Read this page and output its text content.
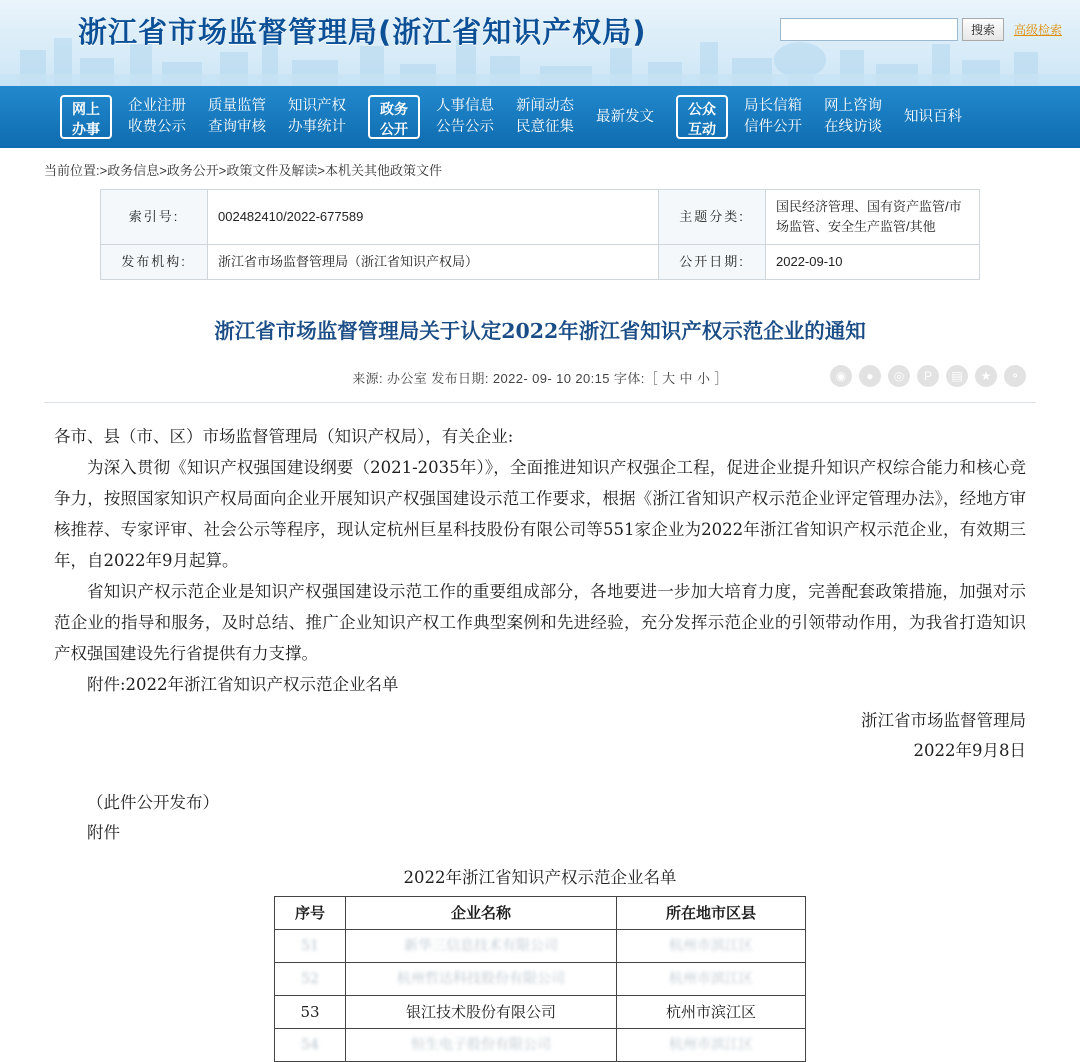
浙江省市场监督管理局(浙江省知识产权局)	搜索	高级检索
网上
办事
企业注册
收费公示
质量监管
查询审核
知识产权
办事统计
政务
公开
人事信息
公告公示
新闻动态
民意征集
最新发文	公众
互动
局长信箱
信件公开
网上咨询
在线访谈
知识百科
当前位置:>政务信息>政务公开>政策文件及解读>本机关其他政策文件
索引号:	002482410/2022-677589	主题分类:	国民经济管理、国有资产监管/市场监管、安全生产监管/其他
发布机构:	浙江省市场监督管理局（浙江省知识产权局）	公开日期:	2022-09-10
浙江省市场监督管理局关于认定2022年浙江省知识产权示范企业的通知
来源: 办公室 发布日期: 2022- 09- 10 20:15 字体:［ 大 中 小 ］	◉	●	◎	P	▤	★	⚬

各市、县（市、区）市场监督管理局（知识产权局），有关企业:

为深入贯彻《知识产权强国建设纲要（2021-2035年）》，全面推进知识产权强企工程，促进企业提升知识产权综合能力和核心竞争力，按照国家知识产权局面向企业开展知识产权强国建设示范工作要求，根据《浙江省知识产权示范企业评定管理办法》，经地方审核推荐、专家评审、社会公示等程序，现认定杭州巨星科技股份有限公司等551家企业为2022年浙江省知识产权示范企业，有效期三年，自2022年9月起算。

省知识产权示范企业是知识产权强国建设示范工作的重要组成部分，各地要进一步加大培育力度，完善配套政策措施，加强对示范企业的指导和服务，及时总结、推广企业知识产权工作典型案例和先进经验，充分发挥示范企业的引领带动作用，为我省打造知识产权强国建设先行省提供有力支撑。

附件:2022年浙江省知识产权示范企业名单

浙江省市场监督管理局
2022年9月8日
（此件公开发布）
附件
2022年浙江省知识产权示范企业名单
序号	企业名称	所在地市区县
51	新华三信息技术有限公司	杭州市滨江区
52	杭州哲达科技股份有限公司	杭州市滨江区
53	银江技术股份有限公司	杭州市滨江区
54	恒生电子股份有限公司	杭州市滨江区
